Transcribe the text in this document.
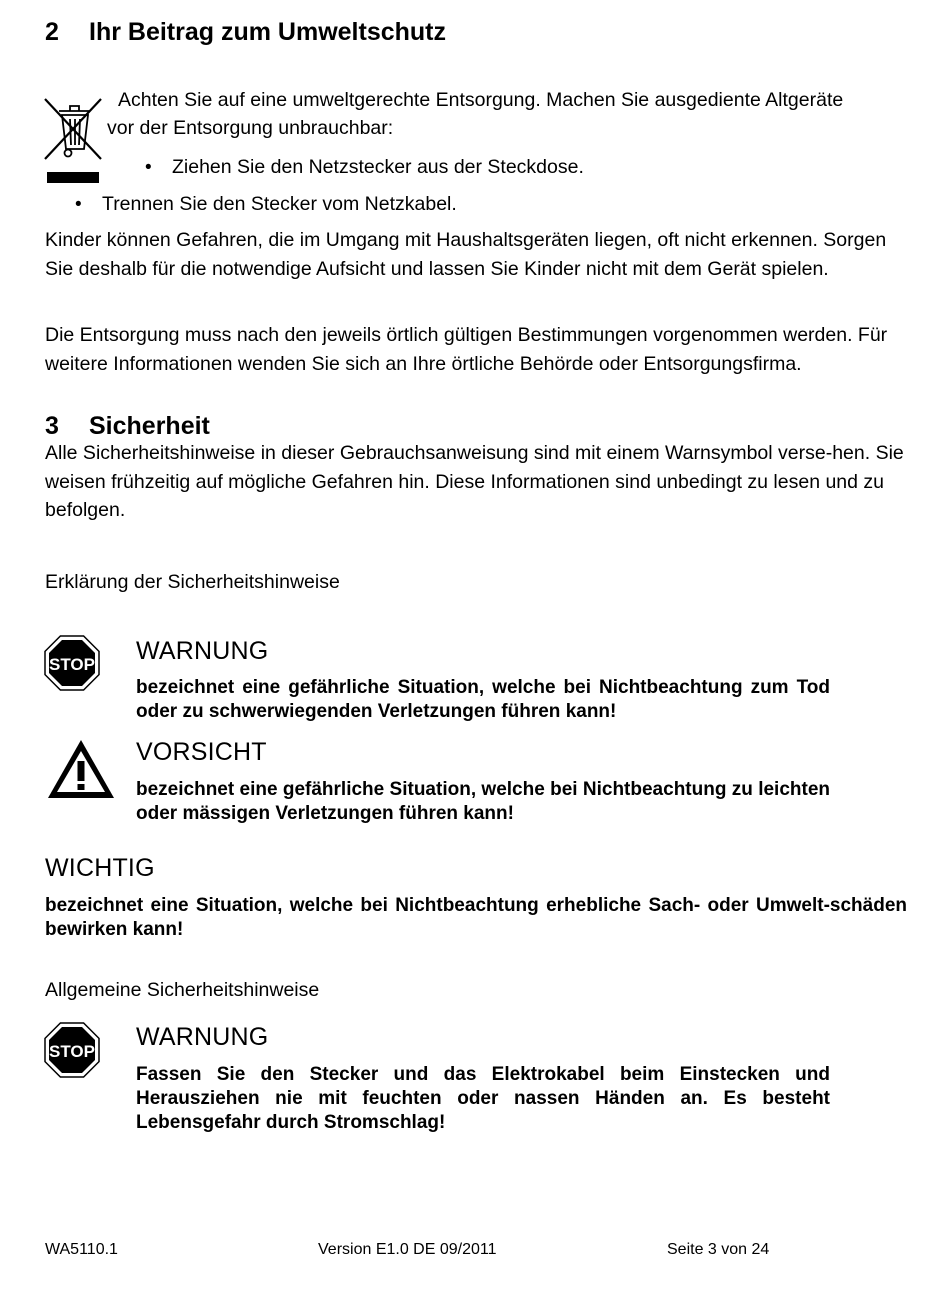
2 Ihr Beitrag zum Umweltschutz
Achten Sie auf eine umweltgerechte Entsorgung. Machen Sie ausgediente Altgeräte
vor der Entsorgung unbrauchbar:
• Ziehen Sie den Netzstecker aus der Steckdose.
• Trennen Sie den Stecker vom Netzkabel.
Kinder können Gefahren, die im Umgang mit Haushaltsgeräten liegen, oft nicht erkennen. Sorgen Sie deshalb für die notwendige Aufsicht und lassen Sie Kinder nicht mit dem Gerät spielen.
Die Entsorgung muss nach den jeweils örtlich gültigen Bestimmungen vorgenommen werden. Für weitere Informationen wenden Sie sich an Ihre örtliche Behörde oder Entsorgungsfirma.
3 Sicherheit
Alle Sicherheitshinweise in dieser Gebrauchsanweisung sind mit einem Warnsymbol verse-hen. Sie weisen frühzeitig auf mögliche Gefahren hin. Diese Informationen sind unbedingt zu lesen und zu befolgen.
Erklärung der Sicherheitshinweise
STOP WARNUNG
bezeichnet eine gefährliche Situation, welche bei Nichtbeachtung zum Tod oder zu schwerwiegenden Verletzungen führen kann!
VORSICHT
bezeichnet eine gefährliche Situation, welche bei Nichtbeachtung zu leichten oder mässigen Verletzungen führen kann!
WICHTIG
bezeichnet eine Situation, welche bei Nichtbeachtung erhebliche Sach- oder Umwelt-schäden bewirken kann!
Allgemeine Sicherheitshinweise
STOP
WARNUNG
Fassen Sie den Stecker und das Elektrokabel beim Einstecken und Herausziehen nie mit feuchten oder nassen Händen an. Es besteht Lebensgefahr durch Stromschlag!
WA5110.1	Version E1.0 DE 09/2011	Seite 3 von 24
